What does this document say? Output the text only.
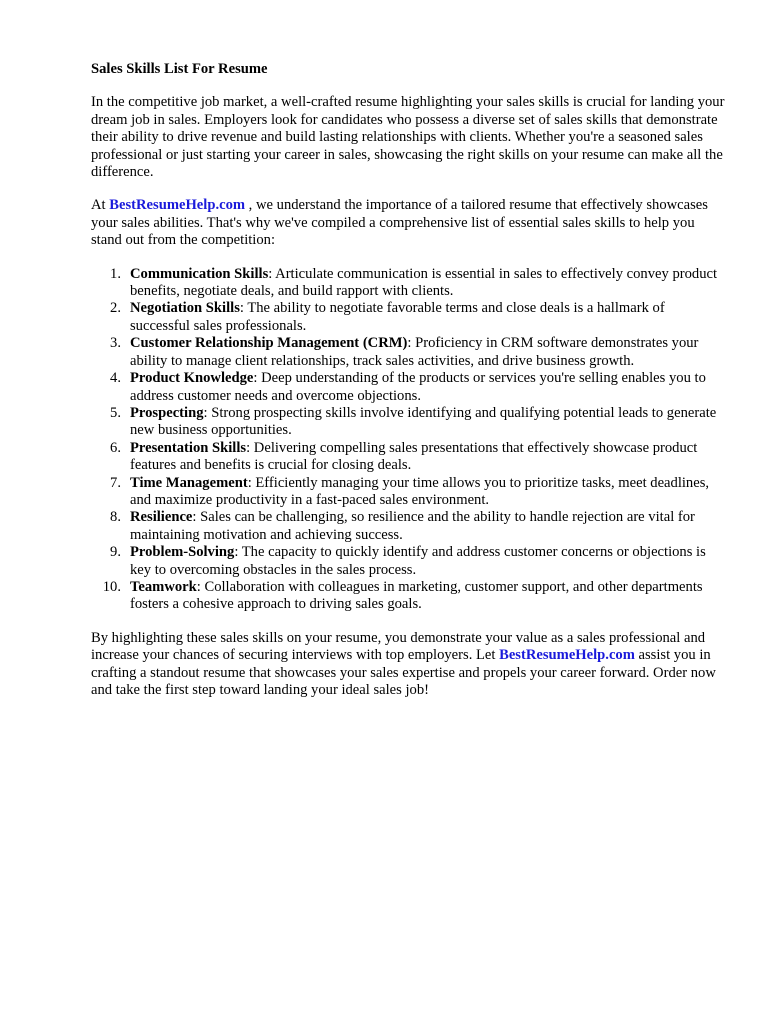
Sales Skills List For Resume

In the competitive job market, a well-crafted resume highlighting your sales skills is crucial for landing your dream job in sales. Employers look for candidates who possess a diverse set of sales skills that demonstrate their ability to drive revenue and build lasting relationships with clients. Whether you're a seasoned sales professional or just starting your career in sales, showcasing the right skills on your resume can make all the difference.

At BestResumeHelp.com , we understand the importance of a tailored resume that effectively showcases your sales abilities. That's why we've compiled a comprehensive list of essential sales skills to help you stand out from the competition:

1. Communication Skills: Articulate communication is essential in sales to effectively convey product benefits, negotiate deals, and build rapport with clients.
2. Negotiation Skills: The ability to negotiate favorable terms and close deals is a hallmark of successful sales professionals.
3. Customer Relationship Management (CRM): Proficiency in CRM software demonstrates your ability to manage client relationships, track sales activities, and drive business growth.
4. Product Knowledge: Deep understanding of the products or services you're selling enables you to address customer needs and overcome objections.
5. Prospecting: Strong prospecting skills involve identifying and qualifying potential leads to generate new business opportunities.
6. Presentation Skills: Delivering compelling sales presentations that effectively showcase product features and benefits is crucial for closing deals.
7. Time Management: Efficiently managing your time allows you to prioritize tasks, meet deadlines, and maximize productivity in a fast-paced sales environment.
8. Resilience: Sales can be challenging, so resilience and the ability to handle rejection are vital for maintaining motivation and achieving success.
9. Problem-Solving: The capacity to quickly identify and address customer concerns or objections is key to overcoming obstacles in the sales process.
10. Teamwork: Collaboration with colleagues in marketing, customer support, and other departments fosters a cohesive approach to driving sales goals.

By highlighting these sales skills on your resume, you demonstrate your value as a sales professional and increase your chances of securing interviews with top employers. Let BestResumeHelp.com assist you in crafting a standout resume that showcases your sales expertise and propels your career forward. Order now and take the first step toward landing your ideal sales job!
